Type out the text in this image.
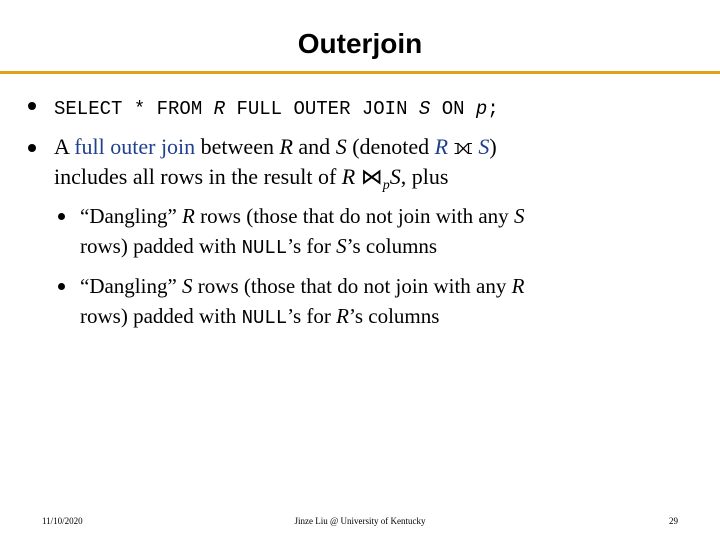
Outerjoin
SELECT * FROM R FULL OUTER JOIN S ON p;
A full outer join between R and S (denoted R ⟗ S)
includes all rows in the result of R $⋈_pS$, plus
“Dangling” R rows (those that do not join with any S
rows) padded with NULL’s for S’s columns
“Dangling” S rows (those that do not join with any R
rows) padded with NULL’s for R’s columns
11/10/2020	Jinze Liu @ University of Kentucky	29
